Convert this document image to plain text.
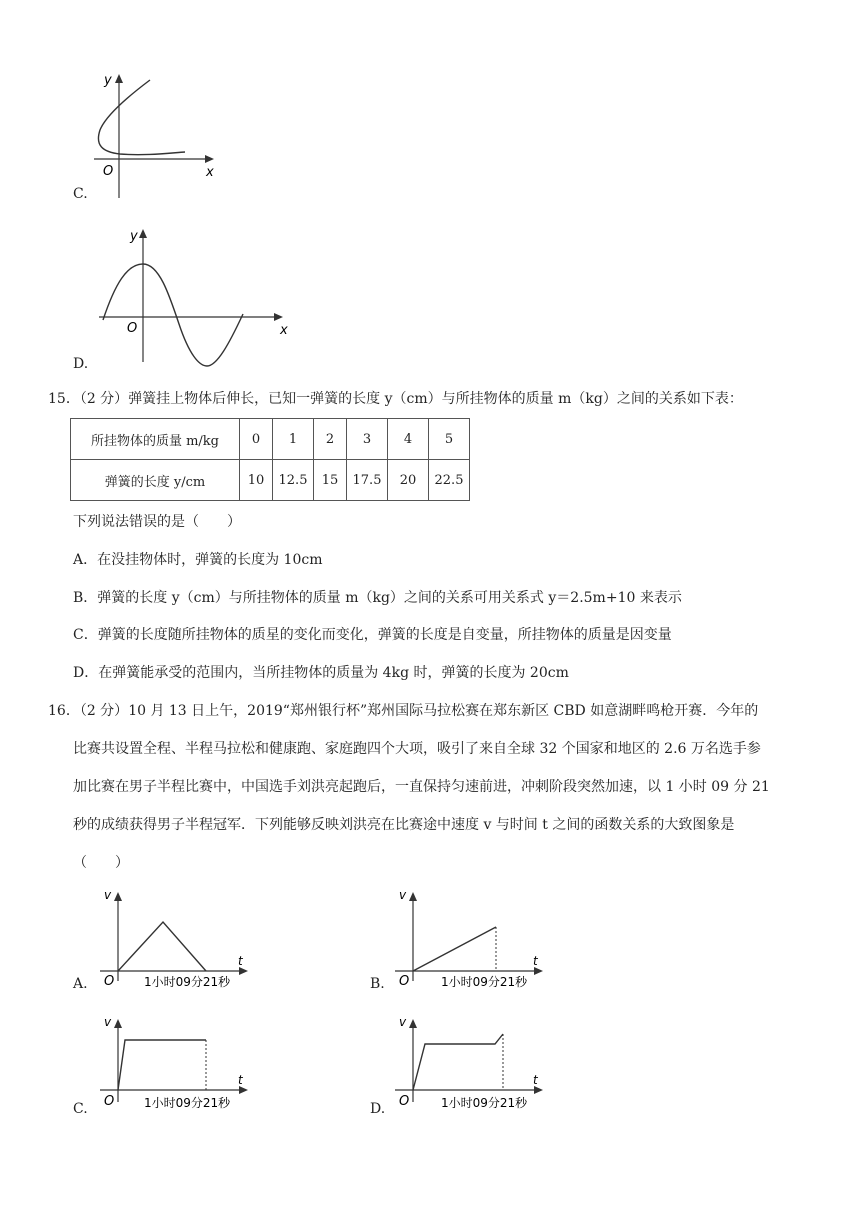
y
x
O
C.
y
x
O
D.
15．（2 分）弹簧挂上物体后伸长，已知一弹簧的长度 y（cm）与所挂物体的质量 m（kg）之间的关系如下表：
所挂物体的质量 m/kg	0	1	2	3	4	5
弹簧的长度 y/cm	10	12.5	15	17.5	20	22.5
下列说法错误的是（　　）
A．在没挂物体时，弹簧的长度为 10cm
B．弹簧的长度 y（cm）与所挂物体的质量 m（kg）之间的关系可用关系式 y＝2.5m+10 来表示
C．弹簧的长度随所挂物体的质星的变化而变化，弹簧的长度是自变量，所挂物体的质量是因变量
D．在弹簧能承受的范围内，当所挂物体的质量为 4kg 时，弹簧的长度为 20cm
16．（2 分）10 月 13 日上午，2019“郑州银行杯”郑州国际马拉松赛在郑东新区 CBD 如意湖畔鸣枪开赛．今年的
比赛共设置全程、半程马拉松和健康跑、家庭跑四个大项，吸引了来自全球 32 个国家和地区的 2.6 万名选手参
加比赛在男子半程比赛中，中国选手刘洪亮起跑后，一直保持匀速前进，冲刺阶段突然加速，以 1 小时 09 分 21
秒的成绩获得男子半程冠军．下列能够反映刘洪亮在比赛途中速度 v 与时间 t 之间的函数关系的大致图象是
（　　）
v
t
O 1小时09分21秒
A.
v
t
O	1小时09分21秒
B.
v
t
O 1小时09分21秒
C.
v
t
O	1小时09分21秒
D.
